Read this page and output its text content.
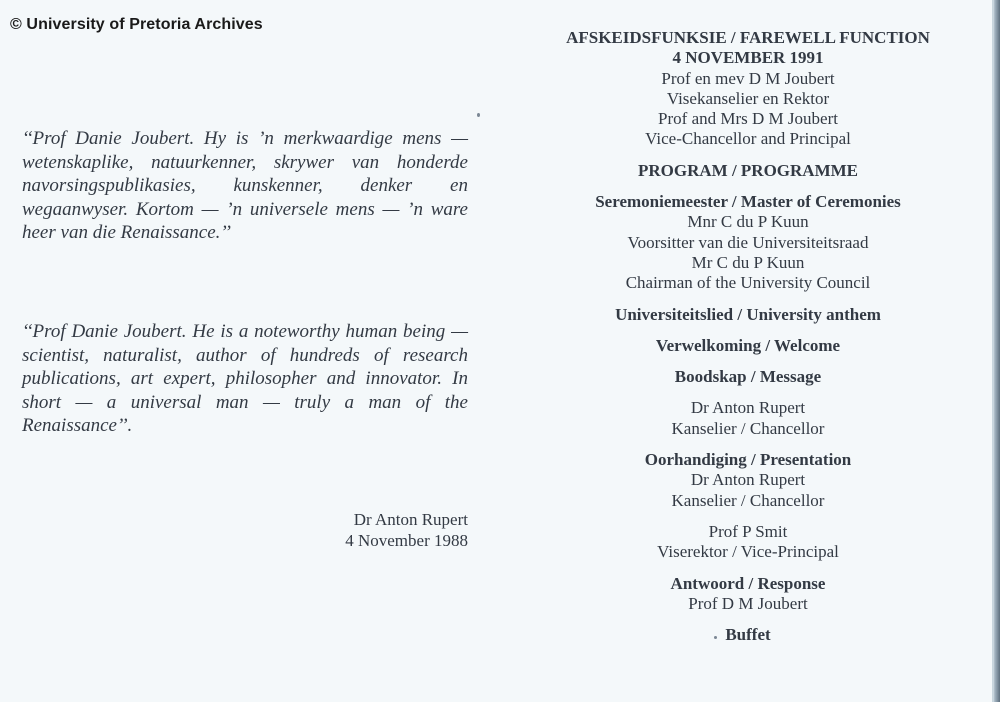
© University of Pretoria Archives
‘‘Prof Danie Joubert. Hy is ’n merkwaardige mens — wetenskaplike, natuurkenner, skrywer van honderde navorsingspublikasies, kunskenner, denker en wegaanwyser. Kortom — ’n universele mens — ’n ware heer van die Renaissance.’’
‘‘Prof Danie Joubert. He is a noteworthy human being — scientist, naturalist, author of hundreds of research publications, art expert, philosopher and innovator. In short — a universal man — truly a man of the Renaissance’’.
Dr Anton Rupert
4 November 1988
AFSKEIDSFUNKSIE / FAREWELL FUNCTION
4 NOVEMBER 1991
Prof en mev D M Joubert
Visekanselier en Rektor
Prof and Mrs D M Joubert
Vice-Chancellor and Principal
PROGRAM / PROGRAMME
Seremoniemeester / Master of Ceremonies
Mnr C du P Kuun
Voorsitter van die Universiteitsraad
Mr C du P Kuun
Chairman of the University Council
Universiteitslied / University anthem
Verwelkoming / Welcome
Boodskap / Message
Dr Anton Rupert
Kanselier / Chancellor
Oorhandiging / Presentation
Dr Anton Rupert
Kanselier / Chancellor
Prof P Smit
Viserektor / Vice-Principal
Antwoord / Response
Prof D M Joubert
Buffet
